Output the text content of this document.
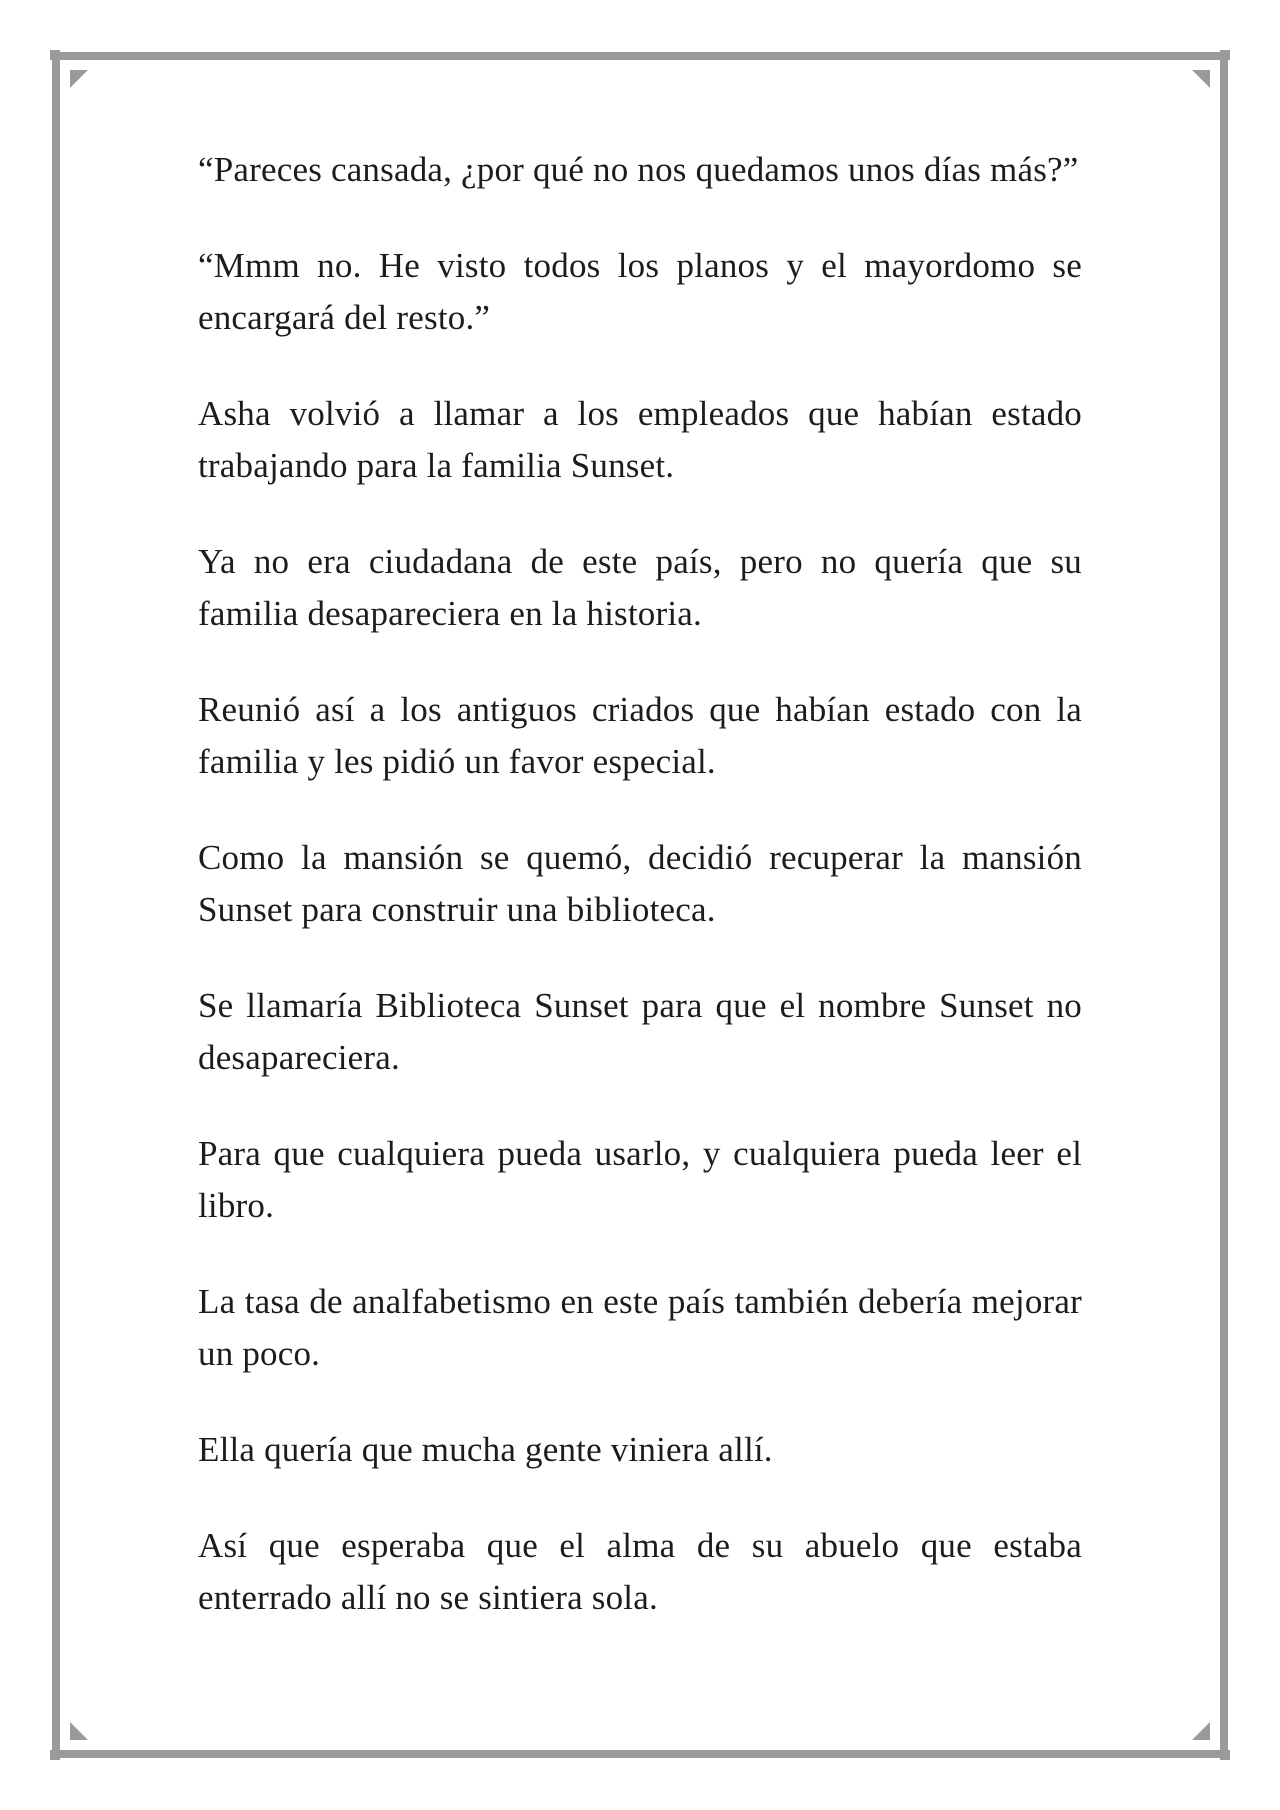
“Pareces cansada, ¿por qué no nos quedamos unos días más?”

“Mmm no. He visto todos los planos y el mayordomo se encargará del resto.”

Asha volvió a llamar a los empleados que habían estado trabajando para la familia Sunset.

Ya no era ciudadana de este país, pero no quería que su familia desapareciera en la historia.

Reunió así a los antiguos criados que habían estado con la familia y les pidió un favor especial.

Como la mansión se quemó, decidió recuperar la mansión Sunset para construir una biblioteca.

Se llamaría Biblioteca Sunset para que el nombre Sunset no desapareciera.

Para que cualquiera pueda usarlo, y cualquiera pueda leer el libro.

La tasa de analfabetismo en este país también debería mejorar un poco.

Ella quería que mucha gente viniera allí.

Así que esperaba que el alma de su abuelo que estaba enterrado allí no se sintiera sola.
